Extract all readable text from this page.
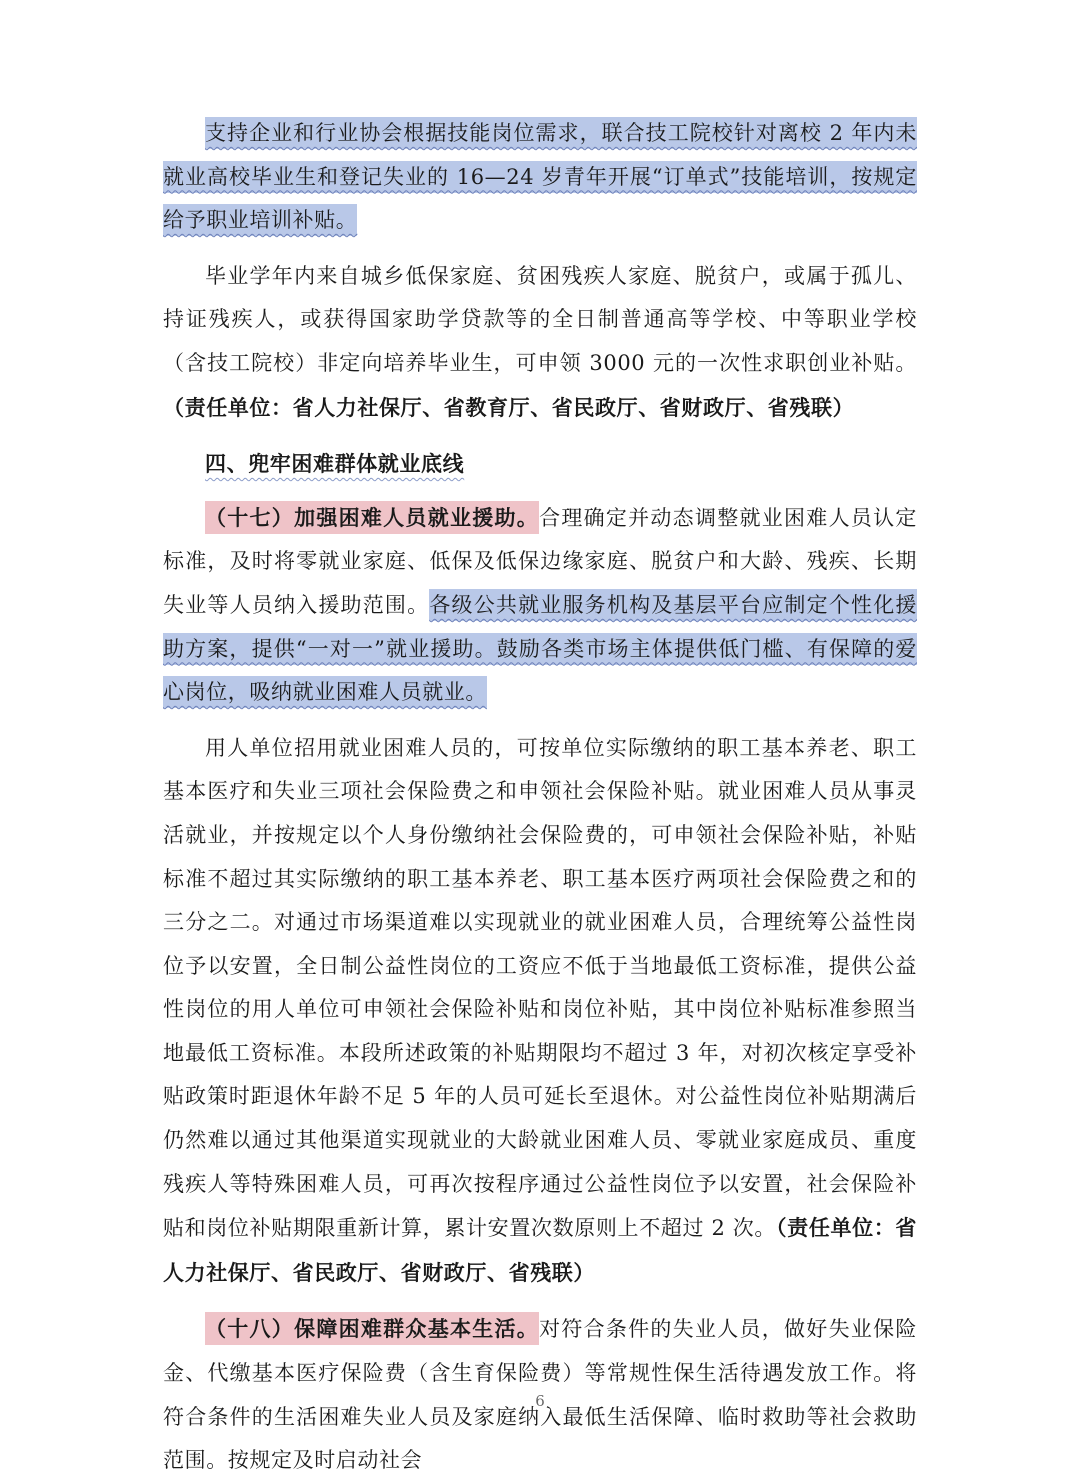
支持企业和行业协会根据技能岗位需求，联合技工院校针对离校 2 年内未就业高校毕业生和登记失业的 16—24 岁青年开展“订单式”技能培训，按规定给予职业培训补贴。

毕业学年内来自城乡低保家庭、贫困残疾人家庭、脱贫户，或属于孤儿、持证残疾人，或获得国家助学贷款等的全日制普通高等学校、中等职业学校（含技工院校）非定向培养毕业生，可申领 3000 元的一次性求职创业补贴。（责任单位：省人力社保厅、省教育厅、省民政厅、省财政厅、省残联）

四、兜牢困难群体就业底线

（十七）加强困难人员就业援助。合理确定并动态调整就业困难人员认定标准，及时将零就业家庭、低保及低保边缘家庭、脱贫户和大龄、残疾、长期失业等人员纳入援助范围。各级公共就业服务机构及基层平台应制定个性化援助方案，提供“一对一”就业援助。鼓励各类市场主体提供低门槛、有保障的爱心岗位，吸纳就业困难人员就业。

用人单位招用就业困难人员的，可按单位实际缴纳的职工基本养老、职工基本医疗和失业三项社会保险费之和申领社会保险补贴。就业困难人员从事灵活就业，并按规定以个人身份缴纳社会保险费的，可申领社会保险补贴，补贴标准不超过其实际缴纳的职工基本养老、职工基本医疗两项社会保险费之和的三分之二。对通过市场渠道难以实现就业的就业困难人员，合理统筹公益性岗位予以安置，全日制公益性岗位的工资应不低于当地最低工资标准，提供公益性岗位的用人单位可申领社会保险补贴和岗位补贴，其中岗位补贴标准参照当地最低工资标准。本段所述政策的补贴期限均不超过 3 年，对初次核定享受补贴政策时距退休年龄不足 5 年的人员可延长至退休。对公益性岗位补贴期满后仍然难以通过其他渠道实现就业的大龄就业困难人员、零就业家庭成员、重度残疾人等特殊困难人员，可再次按程序通过公益性岗位予以安置，社会保险补贴和岗位补贴期限重新计算，累计安置次数原则上不超过 2 次。（责任单位：省人力社保厅、省民政厅、省财政厅、省残联）

（十八）保障困难群众基本生活。对符合条件的失业人员，做好失业保险金、代缴基本医疗保险费（含生育保险费）等常规性保生活待遇发放工作。将符合条件的生活困难失业人员及家庭纳入最低生活保障、临时救助等社会救助范围。按规定及时启动社会

6
